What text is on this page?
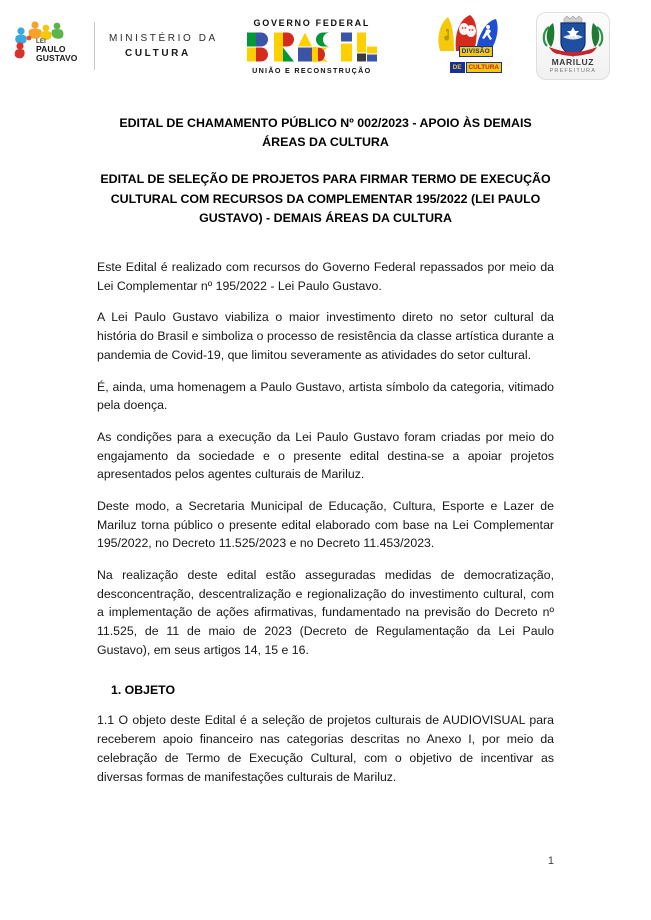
LEI
PAULO
GUSTAVO
MINISTÉRIO DA
CULTURA
GOVERNO FEDERAL
UNIÃO E RECONSTRUÇÃO
DIVISÃO
DE CULTURA
MARILUZ
PREFEITURA
EDITAL DE CHAMAMENTO PÚBLICO Nº 002/2023 - APOIO ÀS DEMAIS ÁREAS DA CULTURA
EDITAL DE SELEÇÃO DE PROJETOS PARA FIRMAR TERMO DE EXECUÇÃO CULTURAL COM RECURSOS DA COMPLEMENTAR 195/2022 (LEI PAULO GUSTAVO) - DEMAIS ÁREAS DA CULTURA

Este Edital é realizado com recursos do Governo Federal repassados por meio da Lei Complementar nº 195/2022 - Lei Paulo Gustavo.

A Lei Paulo Gustavo viabiliza o maior investimento direto no setor cultural da história do Brasil e simboliza o processo de resistência da classe artística durante a pandemia de Covid-19, que limitou severamente as atividades do setor cultural.

É, ainda, uma homenagem a Paulo Gustavo, artista símbolo da categoria, vitimado pela doença.

As condições para a execução da Lei Paulo Gustavo foram criadas por meio do engajamento da sociedade e o presente edital destina-se a apoiar projetos apresentados pelos agentes culturais de Mariluz.

Deste modo, a Secretaria Municipal de Educação, Cultura, Esporte e Lazer de Mariluz torna público o presente edital elaborado com base na Lei Complementar 195/2022, no Decreto 11.525/2023 e no Decreto 11.453/2023.

Na realização deste edital estão asseguradas medidas de democratização, desconcentração, descentralização e regionalização do investimento cultural, com a implementação de ações afirmativas, fundamentado na previsão do Decreto nº 11.525, de 11 de maio de 2023 (Decreto de Regulamentação da Lei Paulo Gustavo), em seus artigos 14, 15 e 16.

1. OBJETO

1.1 O objeto deste Edital é a seleção de projetos culturais de AUDIOVISUAL para receberem apoio financeiro nas categorias descritas no Anexo I, por meio da celebração de Termo de Execução Cultural, com o objetivo de incentivar as diversas formas de manifestações culturais de Mariluz.

1
